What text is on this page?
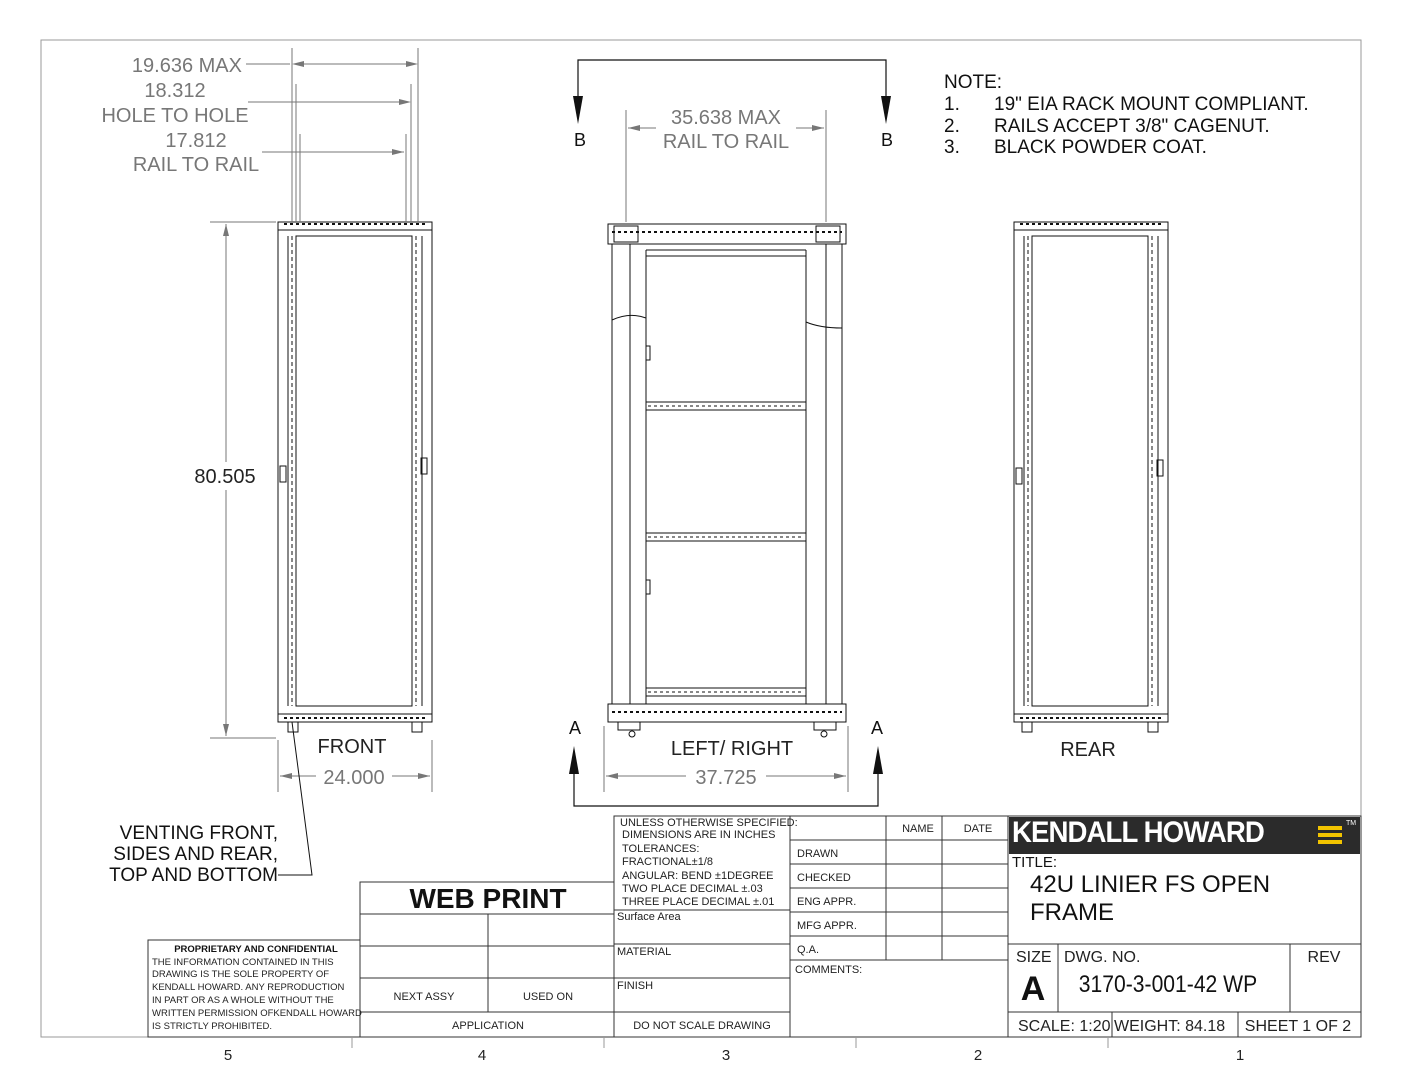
19.636 MAX
18.312
HOLE TO HOLE
17.812
RAIL TO RAIL
80.505
24.000
35.638 MAX
RAIL TO RAIL
37.725
B	B
A	A
FRONT	LEFT/ RIGHT	REAR
VENTING FRONT,
SIDES AND REAR,
TOP AND BOTTOM
NOTE:
1. 19" EIA RACK MOUNT COMPLIANT.
2. RAILS ACCEPT 3/8" CAGENUT.
3. BLACK POWDER COAT.
PROPRIETARY AND CONFIDENTIAL
THE INFORMATION CONTAINED IN THIS
DRAWING IS THE SOLE PROPERTY OF
KENDALL HOWARD. ANY REPRODUCTION
IN PART OR AS A WHOLE WITHOUT THE
WRITTEN PERMISSION OFKENDALL HOWARD
IS STRICTLY PROHIBITED.
WEB PRINT
NEXT ASSY	USED ON
APPLICATION
UNLESS OTHERWISE SPECIFIED:
DIMENSIONS ARE IN INCHES
TOLERANCES:
FRACTIONAL±1/8
ANGULAR: BEND ±1DEGREE
TWO PLACE DECIMAL ±.03
THREE PLACE DECIMAL ±.01
Surface Area
MATERIAL
FINISH
DO NOT SCALE DRAWING
NAME	DATE
DRAWN
CHECKED
ENG APPR.
MFG APPR.
Q.A.
COMMENTS:
TITLE:
42U LINIER FS OPEN
FRAME
SIZE
A
DWG. NO.
3170-3-001-42 WP
REV
SCALE: 1:20 WEIGHT: 84.18 SHEET 1 OF 2
5	4	3	2	1
KENDALL HOWARD	TM
